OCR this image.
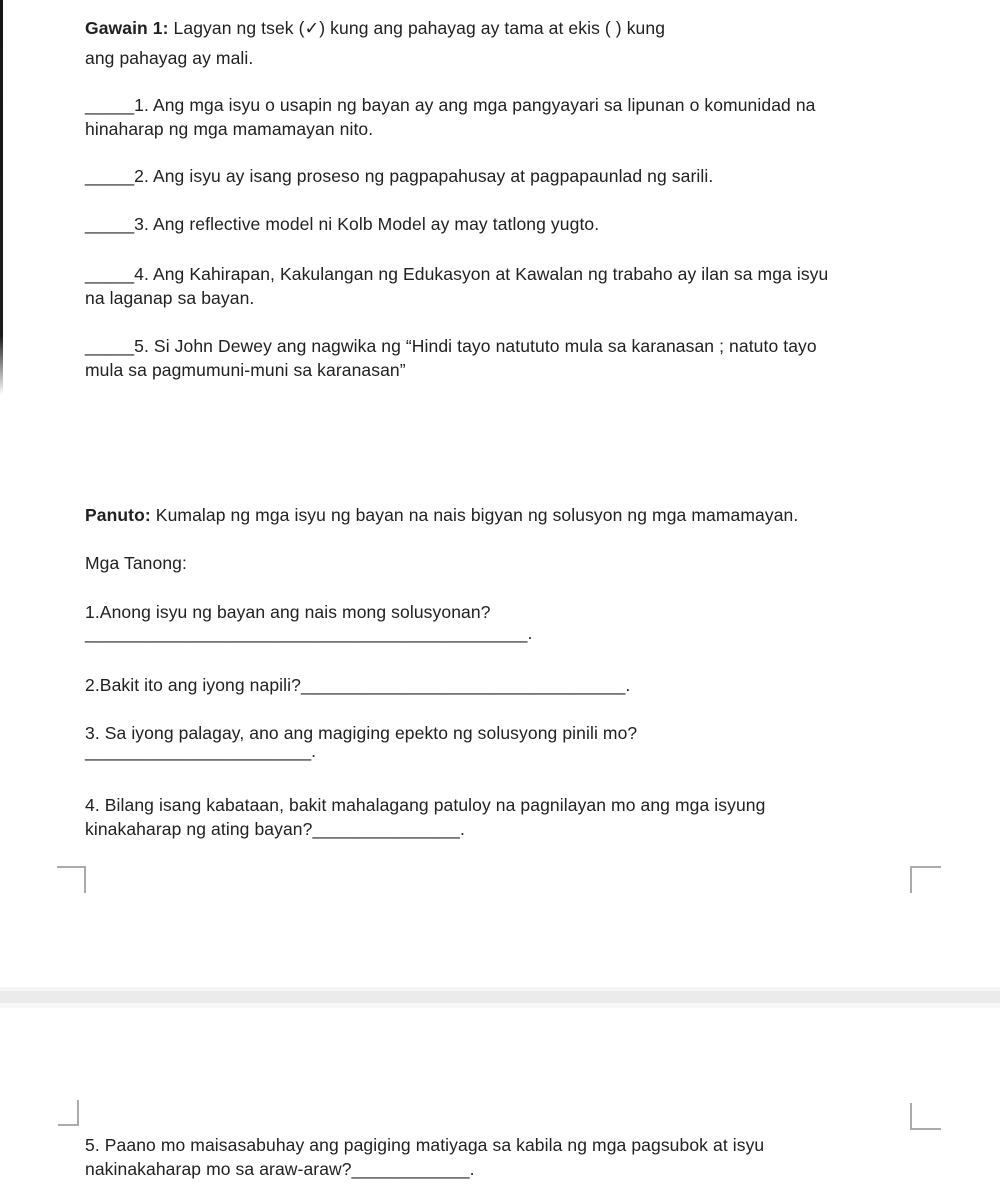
Gawain 1: Lagyan ng tsek (✓) kung ang pahayag ay tama at ekis ( ) kung
ang pahayag ay mali.
_____1. Ang mga isyu o usapin ng bayan ay ang mga pangyayari sa lipunan o komunidad na
hinaharap ng mga mamamayan nito.
_____2. Ang isyu ay isang proseso ng pagpapahusay at pagpapaunlad ng sarili.
_____3. Ang reflective model ni Kolb Model ay may tatlong yugto.
_____4. Ang Kahirapan, Kakulangan ng Edukasyon at Kawalan ng trabaho ay ilan sa mga isyu
na laganap sa bayan.
_____5. Si John Dewey ang nagwika ng “Hindi tayo natututo mula sa karanasan ; natuto tayo
mula sa pagmumuni-muni sa karanasan”
Panuto: Kumalap ng mga isyu ng bayan na nais bigyan ng solusyon ng mga mamamayan.
Mga Tanong:
1.Anong isyu ng bayan ang nais mong solusyonan?
_____________________________________________.
2.Bakit ito ang iyong napili?_________________________________.
3. Sa iyong palagay, ano ang magiging epekto ng solusyong pinili mo?
_______________________.
4. Bilang isang kabataan, bakit mahalagang patuloy na pagnilayan mo ang mga isyung
kinakaharap ng ating bayan?_______________.
5. Paano mo maisasabuhay ang pagiging matiyaga sa kabila ng mga pagsubok at isyu
nakinakaharap mo sa araw-araw?____________.
